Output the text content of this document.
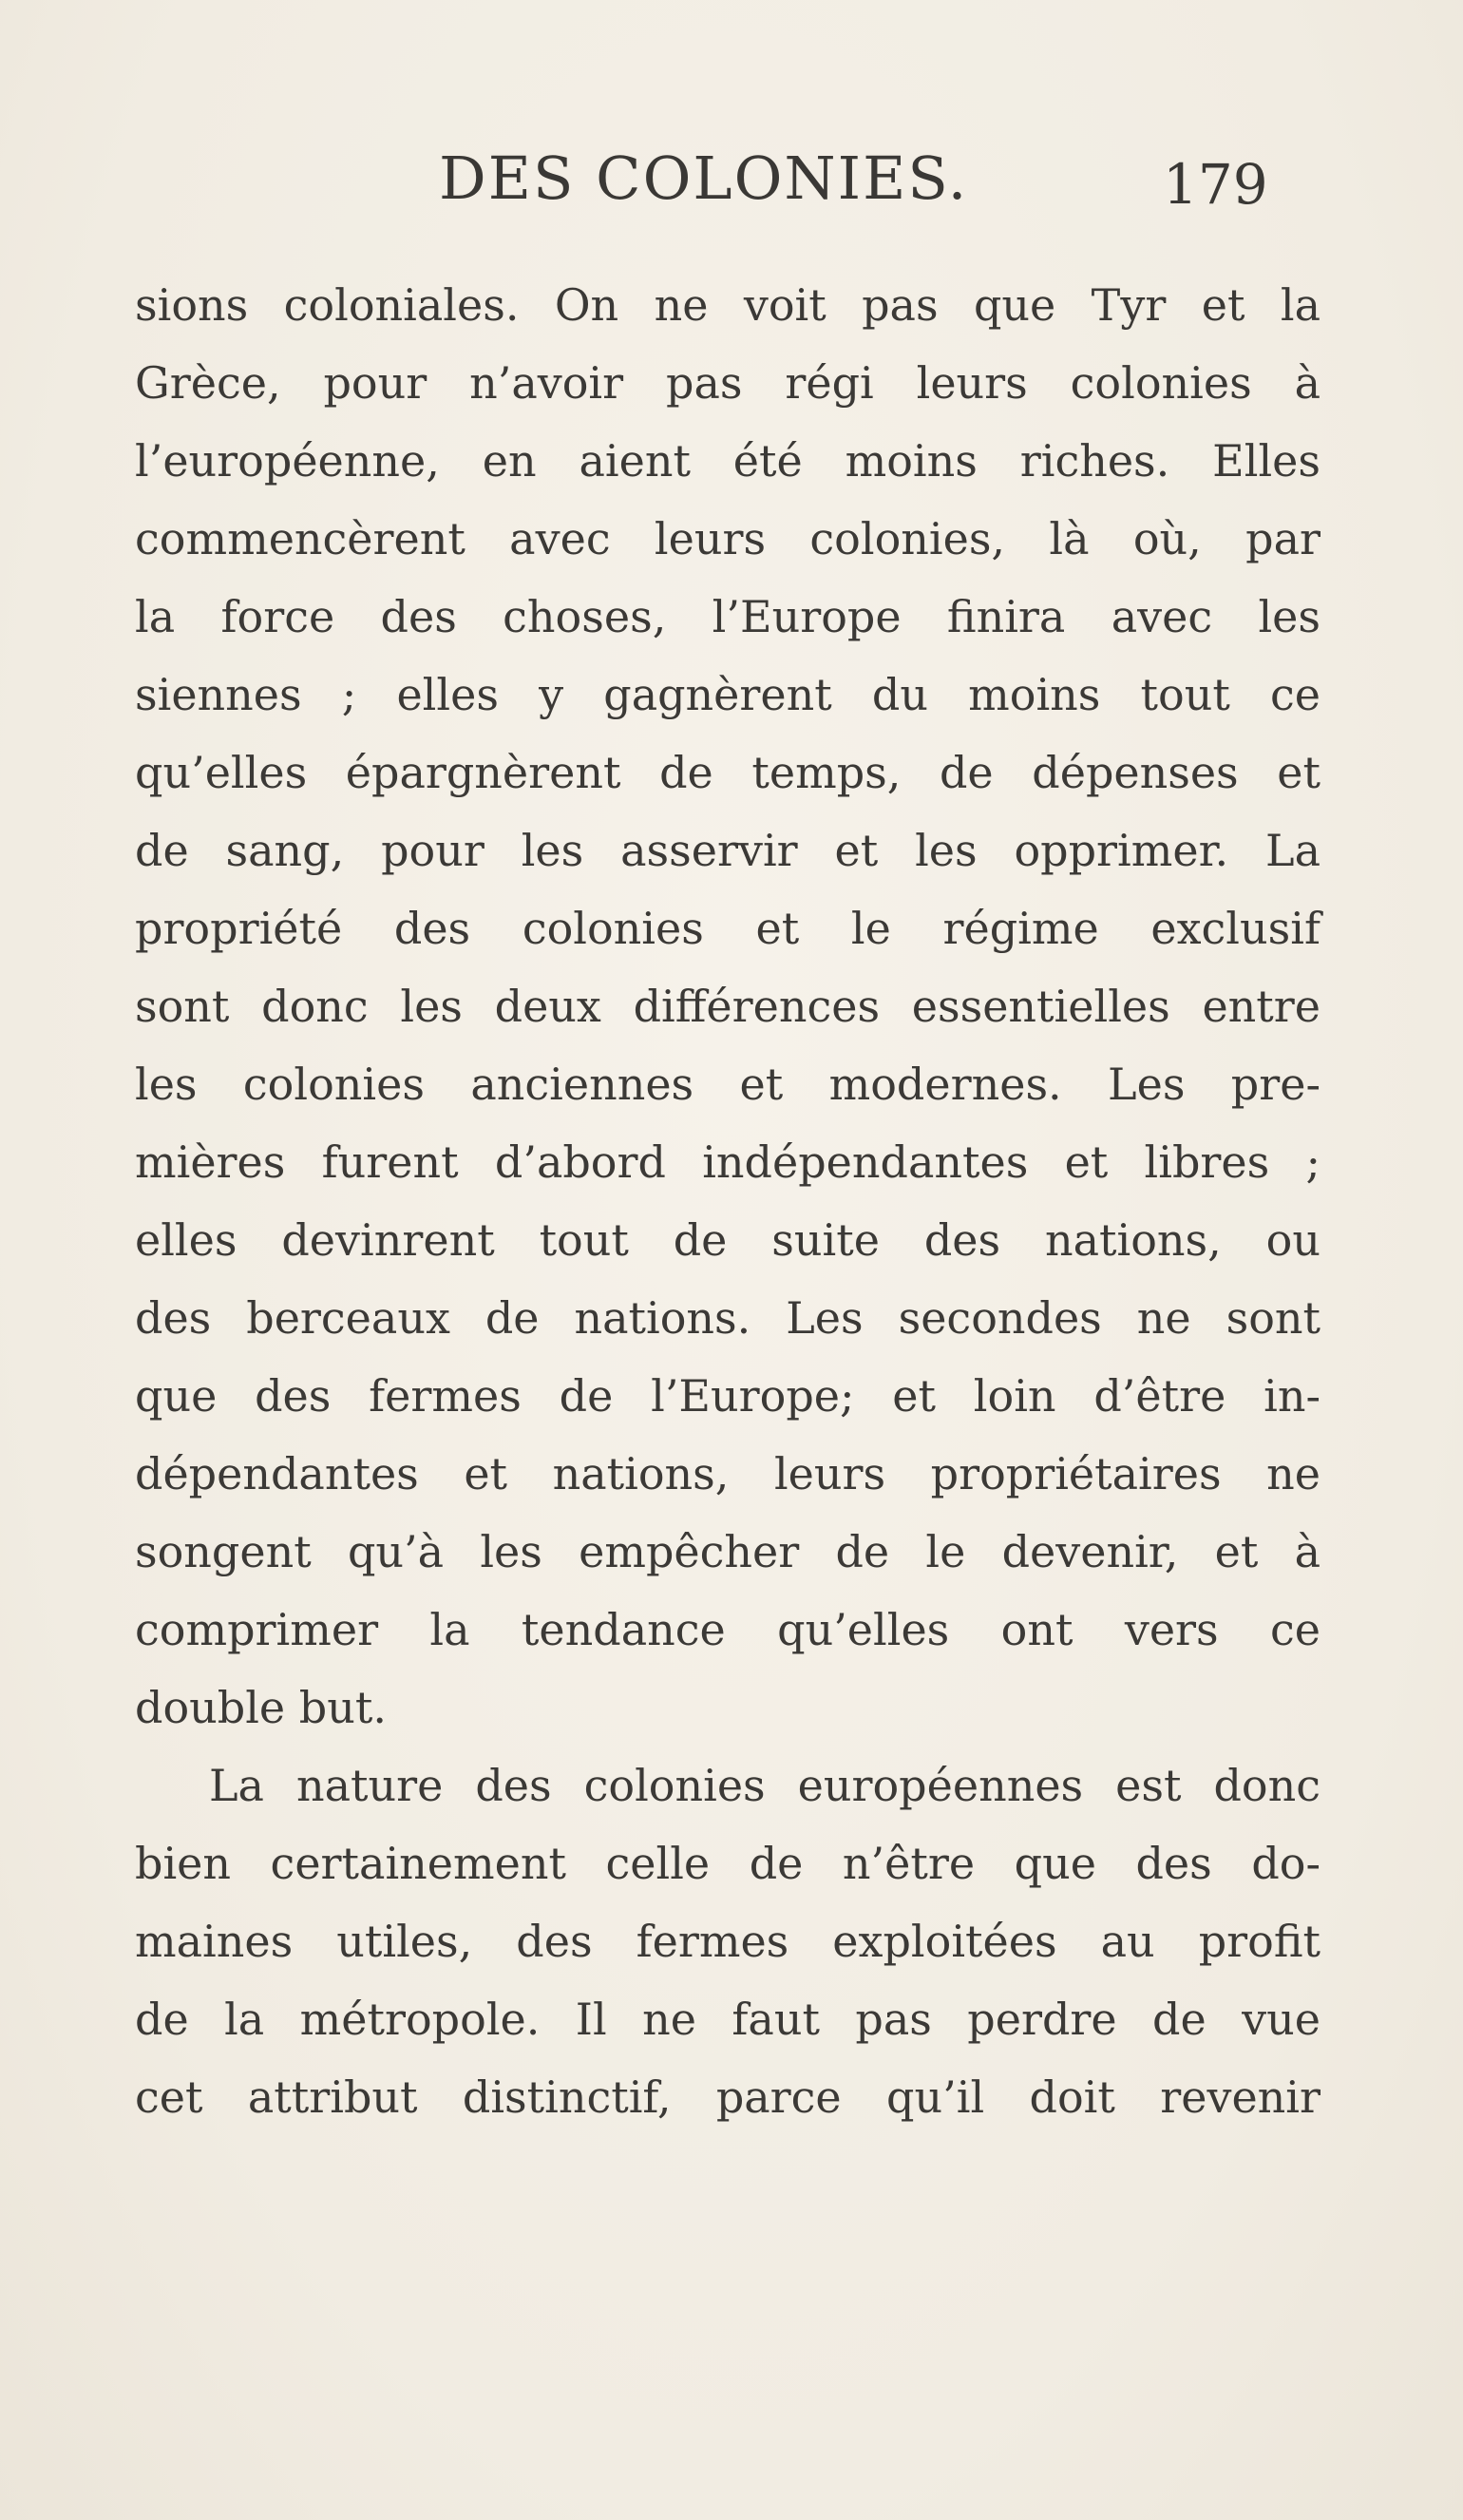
DES COLONIES.	179
sions coloniales. On ne voit pas que Tyr et la
Grèce, pour n’avoir pas régi leurs colonies à
l’européenne, en aient été moins riches. Elles
commencèrent avec leurs colonies, là où, par
la force des choses, l’Europe finira avec les
siennes ; elles y gagnèrent du moins tout ce
qu’elles épargnèrent de temps, de dépenses et
de sang, pour les asservir et les opprimer. La
propriété des colonies et le régime exclusif
sont donc les deux différences essentielles entre
les colonies anciennes et modernes. Les pre-
mières furent d’abord indépendantes et libres ;
elles devinrent tout de suite des nations, ou
des berceaux de nations. Les secondes ne sont
que des fermes de l’Europe; et loin d’être in-
dépendantes et nations, leurs propriétaires ne
songent qu’à les empêcher de le devenir, et à
comprimer la tendance qu’elles ont vers ce
double but.
La nature des colonies européennes est donc
bien certainement celle de n’être que des do-
maines utiles, des fermes exploitées au profit
de la métropole. Il ne faut pas perdre de vue
cet attribut distinctif, parce qu’il doit revenir
